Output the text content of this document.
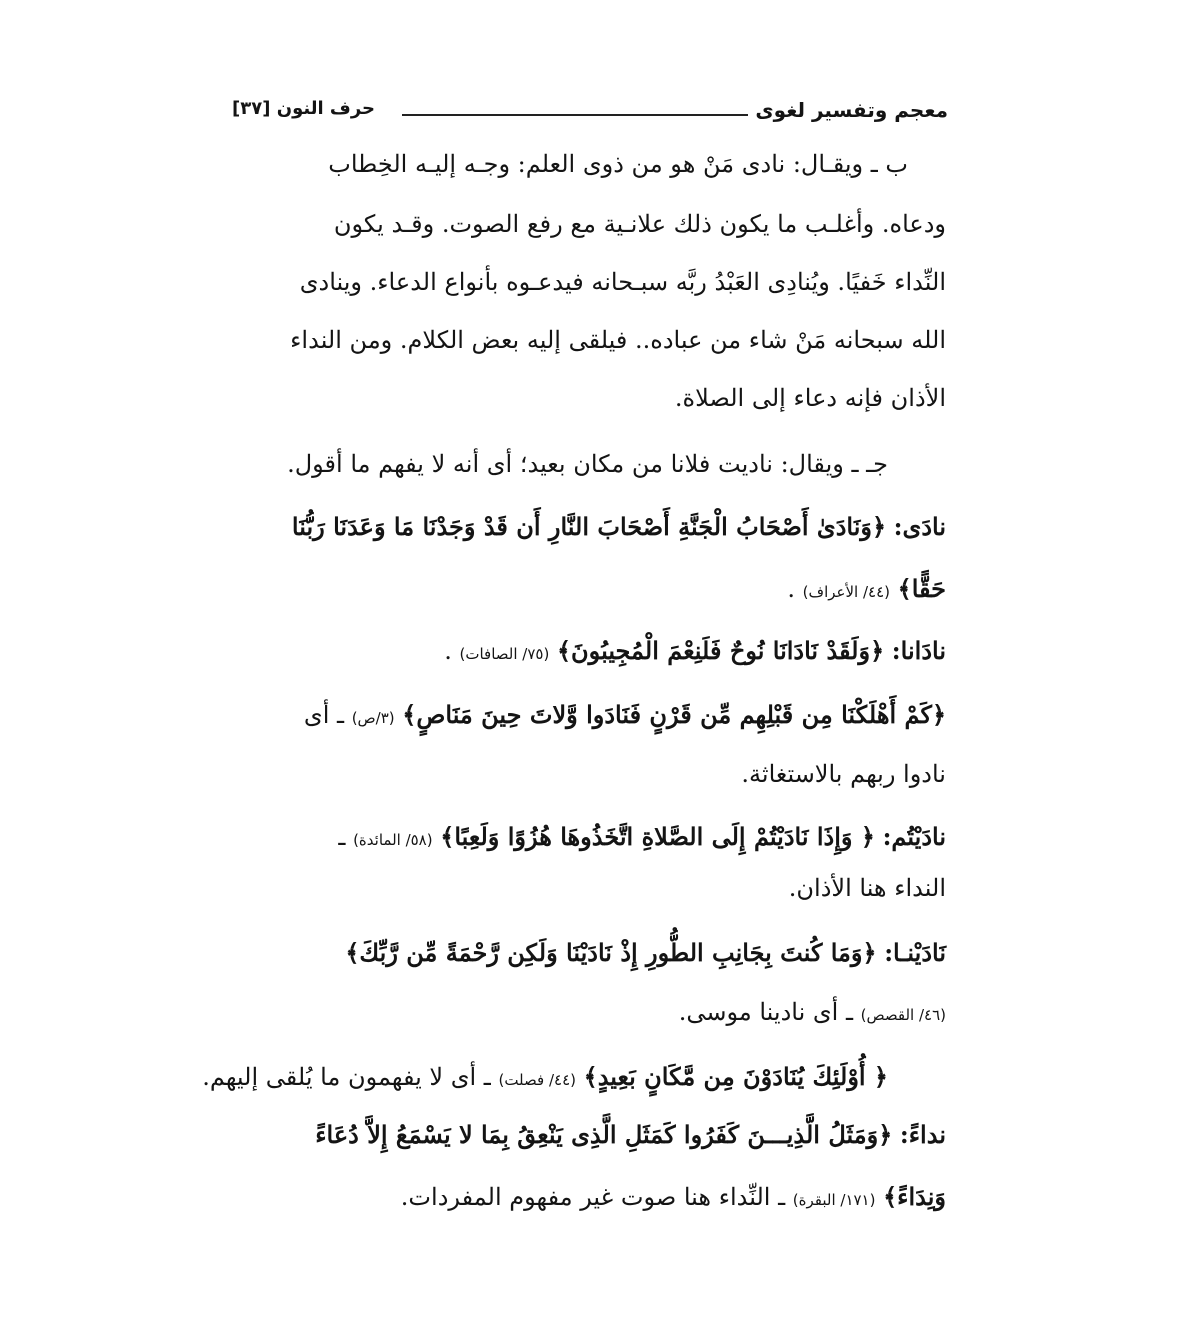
معجم وتفسير لغوى
حرف النون [٣٧]
ب ـ ويقـال: نادى مَنْ هو من ذوى العلم: وجـه إليـه الخِطاب
ودعاه. وأغلـب ما يكون ذلك علانـية مع رفع الصوت. وقـد يكون
النِّداء خَفيًا. ويُنادِى العَبْدُ ربَّه سبـحانه فيدعـوه بأنواع الدعاء. وينادى
الله سبحانه مَنْ شاء من عباده.. فيلقى إليه بعض الكلام. ومن النداء
الأذان فإنه دعاء إلى الصلاة.
جـ ـ ويقال: ناديت فلانا من مكان بعيد؛ أى أنه لا يفهم ما أقول.
نادَى: ﴿وَنَادَىٰ أَصْحَابُ الْجَنَّةِ أَصْحَابَ النَّارِ أَن قَدْ وَجَدْنَا مَا وَعَدَنَا رَبُّنَا
حَقًّا﴾ (٤٤/ الأعراف) .
نادَانا: ﴿وَلَقَدْ نَادَانَا نُوحٌ فَلَنِعْمَ الْمُجِيبُونَ﴾ (٧٥/ الصافات) .
﴿كَمْ أَهْلَكْنَا مِن قَبْلِهِم مِّن قَرْنٍ فَنَادَوا وَّلاتَ حِينَ مَنَاصٍ﴾ (٣/ص) ـ أى
نادوا ربهم بالاستغاثة.
نادَيْتُم: ﴿ وَإِذَا نَادَيْتُمْ إِلَى الصَّلاةِ اتَّخَذُوهَا هُزُوًا وَلَعِبًا﴾ (٥٨/ المائدة) ـ
النداء هنا الأذان.
نَادَيْنـا: ﴿وَمَا كُنتَ بِجَانِبِ الطُّورِ إِذْ نَادَيْنَا وَلَكِن رَّحْمَةً مِّن رَّبِّكَ﴾
(٤٦/ القصص) ـ أى نادينا موسى.
﴿ أُوْلَئِكَ يُنَادَوْنَ مِن مَّكَانٍ بَعِيدٍ﴾ (٤٤/ فصلت) ـ أى لا يفهمون ما يُلقى إليهم.
نداءً: ﴿وَمَثَلُ الَّذِيـــنَ كَفَرُوا كَمَثَلِ الَّذِى يَنْعِقُ بِمَا لا يَسْمَعُ إِلاَّ دُعَاءً
وَنِدَاءً﴾ (١٧١/ البقرة) ـ النِّداء هنا صوت غير مفهوم المفردات.
